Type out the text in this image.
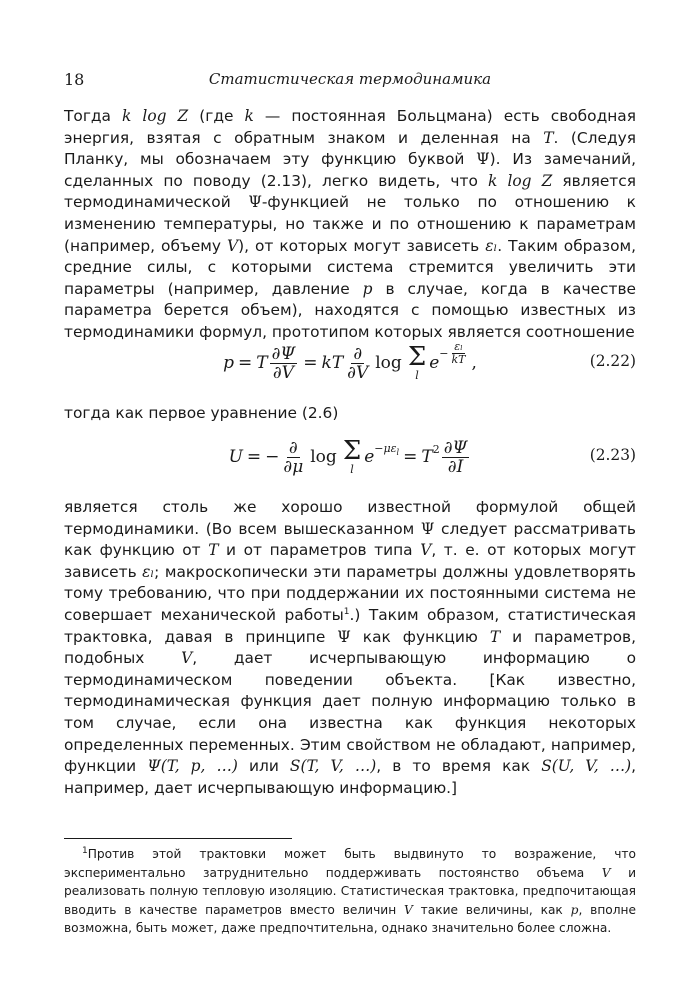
18	Статистическая термодинамика
Тогда k log Z (где k — постоянная Больцмана) есть свободная энергия, взятая с обратным знаком и деленная на T. (Следуя Планку, мы обозначаем эту функцию буквой Ψ). Из замечаний, сделанных по поводу (2.13), легко видеть, что k log Z является термодинамической Ψ-функцией не только по отношению к изменению температуры, но также и по отношению к параметрам (например, объему V), от которых могут зависеть εₗ. Таким образом, средние силы, с которыми система стремится увеличить эти параметры (например, давление p в случае, когда в качестве параметра берется объем), находятся с помощью известных из термодинамики формул, прототипом которых является соотношение
p = T $\frac{\partial\Psi}{\partial V}$ = kT $\frac{\partial}{\partial V}$ log Σ
l
$e - \frac{\text{εₗ}}{kT}$ ,	(2.22)
тогда как первое уравнение (2.6)
U = − $\frac{\partial}{\partial\mu}$ log Σ
l
$e -\mu\varepsilon_l = T$ $2 \frac{\partial\Psi}{\partial I}$	(2.23)
является столь же хорошо известной формулой общей термодинамики. (Во всем вышесказанном Ψ следует рассматривать как функцию от T и от параметров типа V, т. е. от которых могут зависеть εₗ; макроскопически эти параметры должны удовлетворять тому требованию, что при поддержании их постоянными система не совершает механической работы$^1$.) Таким образом, статистическая трактовка, давая в принципе Ψ как функцию T и параметров, подобных V, дает исчерпывающую информацию о термодинамическом поведении объекта. [Как известно, термодинамическая функция дает полную информацию только в том случае, если она известна как функция некоторых определенных переменных. Этим свойством не обладают, например, функции Ψ(T, p, …) или S(T, V, …), в то время как S(U, V, …), например, дает исчерпывающую информацию.]
$^1$Против этой трактовки может быть выдвинуто то возражение, что экспериментально затруднительно поддерживать постоянство объема V и реализовать полную тепловую изоляцию. Статистическая трактовка, предпочитающая вводить в качестве параметров вместо величин V такие величины, как p, вполне возможна, быть может, даже предпочтительна, однако значительно более сложна.
